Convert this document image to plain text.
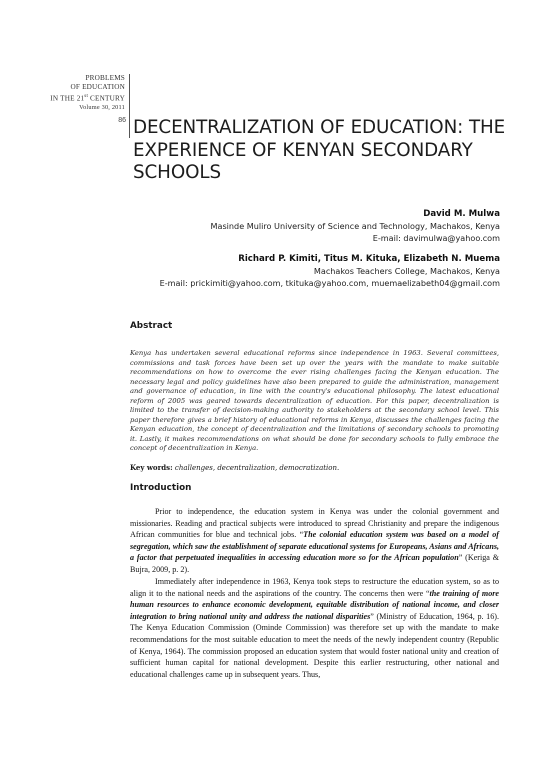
PROBLEMS
OF EDUCATION
IN THE 21st CENTURY
Volume 30, 2011
86 DECENTRALIZATION OF EDUCATION: THE EXPERIENCE OF KENYAN SECONDARY SCHOOLS
David M. Mulwa
Masinde Muliro University of Science and Technology, Machakos, Kenya
E-mail: davimulwa@yahoo.com
Richard P. Kimiti, Titus M. Kituka, Elizabeth N. Muema
Machakos Teachers College, Machakos, Kenya
E-mail: prickimiti@yahoo.com, tkituka@yahoo.com, muemaelizabeth04@gmail.com
Abstract

Kenya has undertaken several educational reforms since independence in 1963. Several committees, commissions and task forces have been set up over the years with the mandate to make suitable recommendations on how to overcome the ever rising challenges facing the Kenyan education. The necessary legal and policy guidelines have also been prepared to guide the administration, management and governance of education, in line with the country's educational philosophy. The latest educational reform of 2005 was geared towards decentralization of education. For this paper, decentralization is limited to the transfer of decision-making authority to stakeholders at the secondary school level. This paper therefore gives a brief history of educational reforms in Kenya, discusses the challenges facing the Kenyan education, the concept of decentralization and the limitations of secondary schools to promoting it. Lastly, it makes recommendations on what should be done for secondary schools to fully embrace the concept of decentralization in Kenya.

Key words: challenges, decentralization, democratization.

Introduction

Prior to independence, the education system in Kenya was under the colonial government and missionaries. Reading and practical subjects were introduced to spread Christianity and prepare the indigenous African communities for blue and technical jobs. “The colonial education system was based on a model of segregation, which saw the establishment of separate educational systems for Europeans, Asians and Africans, a factor that perpetuated inequalities in accessing education more so for the African population” (Keriga & Bujra, 2009, p. 2).

Immediately after independence in 1963, Kenya took steps to restructure the education system, so as to align it to the national needs and the aspirations of the country. The concerns then were “the training of more human resources to enhance economic development, equitable distribution of national income, and closer integration to bring national unity and address the national disparities” (Ministry of Education, 1964, p. 16). The Kenya Education Commission (Ominde Commission) was therefore set up with the mandate to make recommendations for the most suitable education to meet the needs of the newly independent country (Republic of Kenya, 1964). The commission proposed an education system that would foster national unity and creation of sufficient human capital for national development. Despite this earlier restructuring, other national and educational challenges came up in subsequent years. Thus,
